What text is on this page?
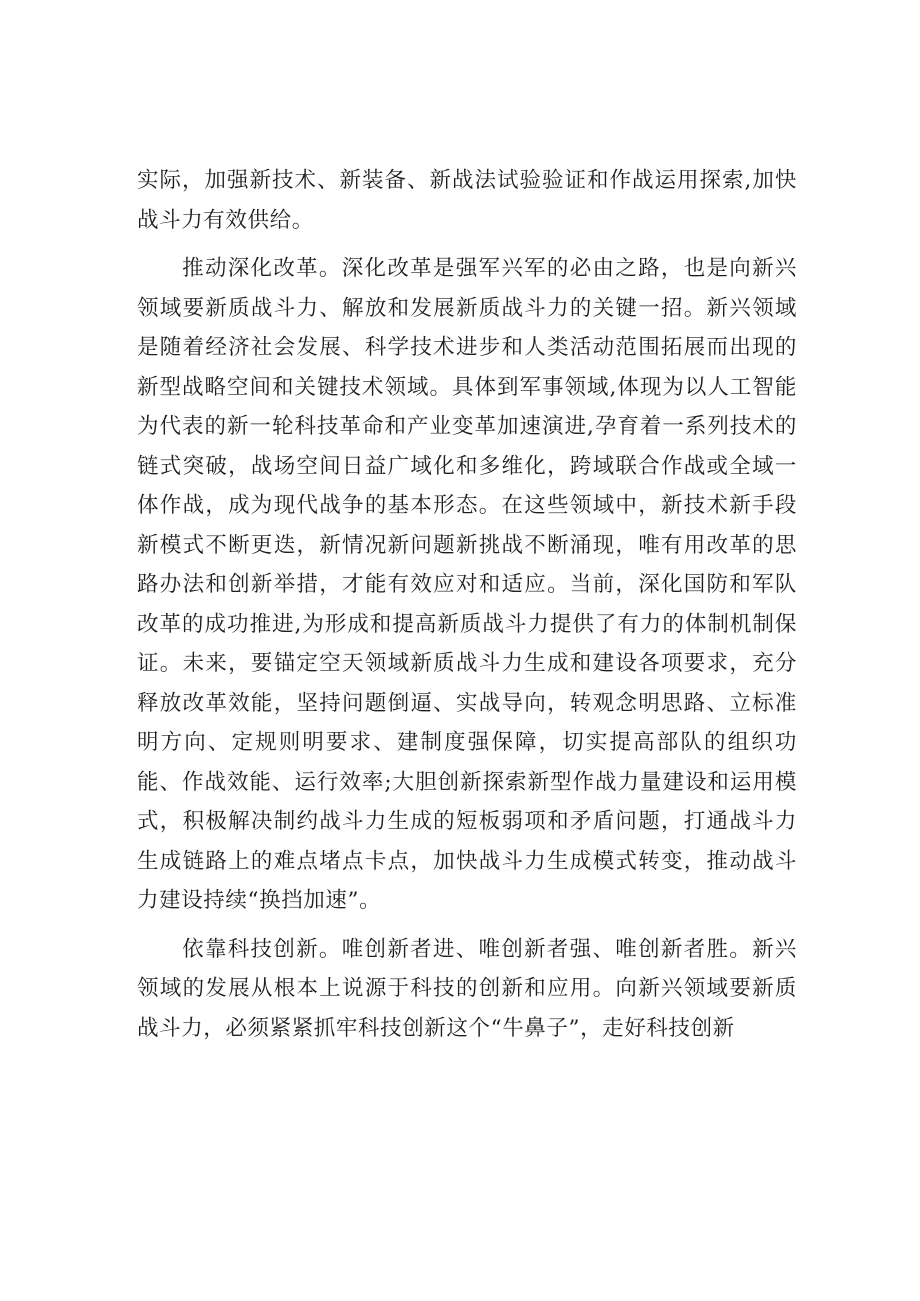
实际，加强新技术、新装备、新战法试验验证和作战运用探索,加快战斗力有效供给。

推动深化改革。深化改革是强军兴军的必由之路，也是向新兴领域要新质战斗力、解放和发展新质战斗力的关键一招。新兴领域是随着经济社会发展、科学技术进步和人类活动范围拓展而出现的新型战略空间和关键技术领域。具体到军事领域,体现为以人工智能为代表的新一轮科技革命和产业变革加速演进,孕育着一系列技术的链式突破，战场空间日益广域化和多维化，跨域联合作战或全域一体作战，成为现代战争的基本形态。在这些领域中，新技术新手段新模式不断更迭，新情况新问题新挑战不断涌现，唯有用改革的思路办法和创新举措，才能有效应对和适应。当前，深化国防和军队改革的成功推进,为形成和提高新质战斗力提供了有力的体制机制保证。未来，要锚定空天领域新质战斗力生成和建设各项要求，充分释放改革效能，坚持问题倒逼、实战导向，转观念明思路、立标准明方向、定规则明要求、建制度强保障，切实提高部队的组织功能、作战效能、运行效率;大胆创新探索新型作战力量建设和运用模式，积极解决制约战斗力生成的短板弱项和矛盾问题，打通战斗力生成链路上的难点堵点卡点，加快战斗力生成模式转变，推动战斗力建设持续“换挡加速”。

依靠科技创新。唯创新者进、唯创新者强、唯创新者胜。新兴领域的发展从根本上说源于科技的创新和应用。向新兴领域要新质战斗力，必须紧紧抓牢科技创新这个“牛鼻子”，走好科技创新
